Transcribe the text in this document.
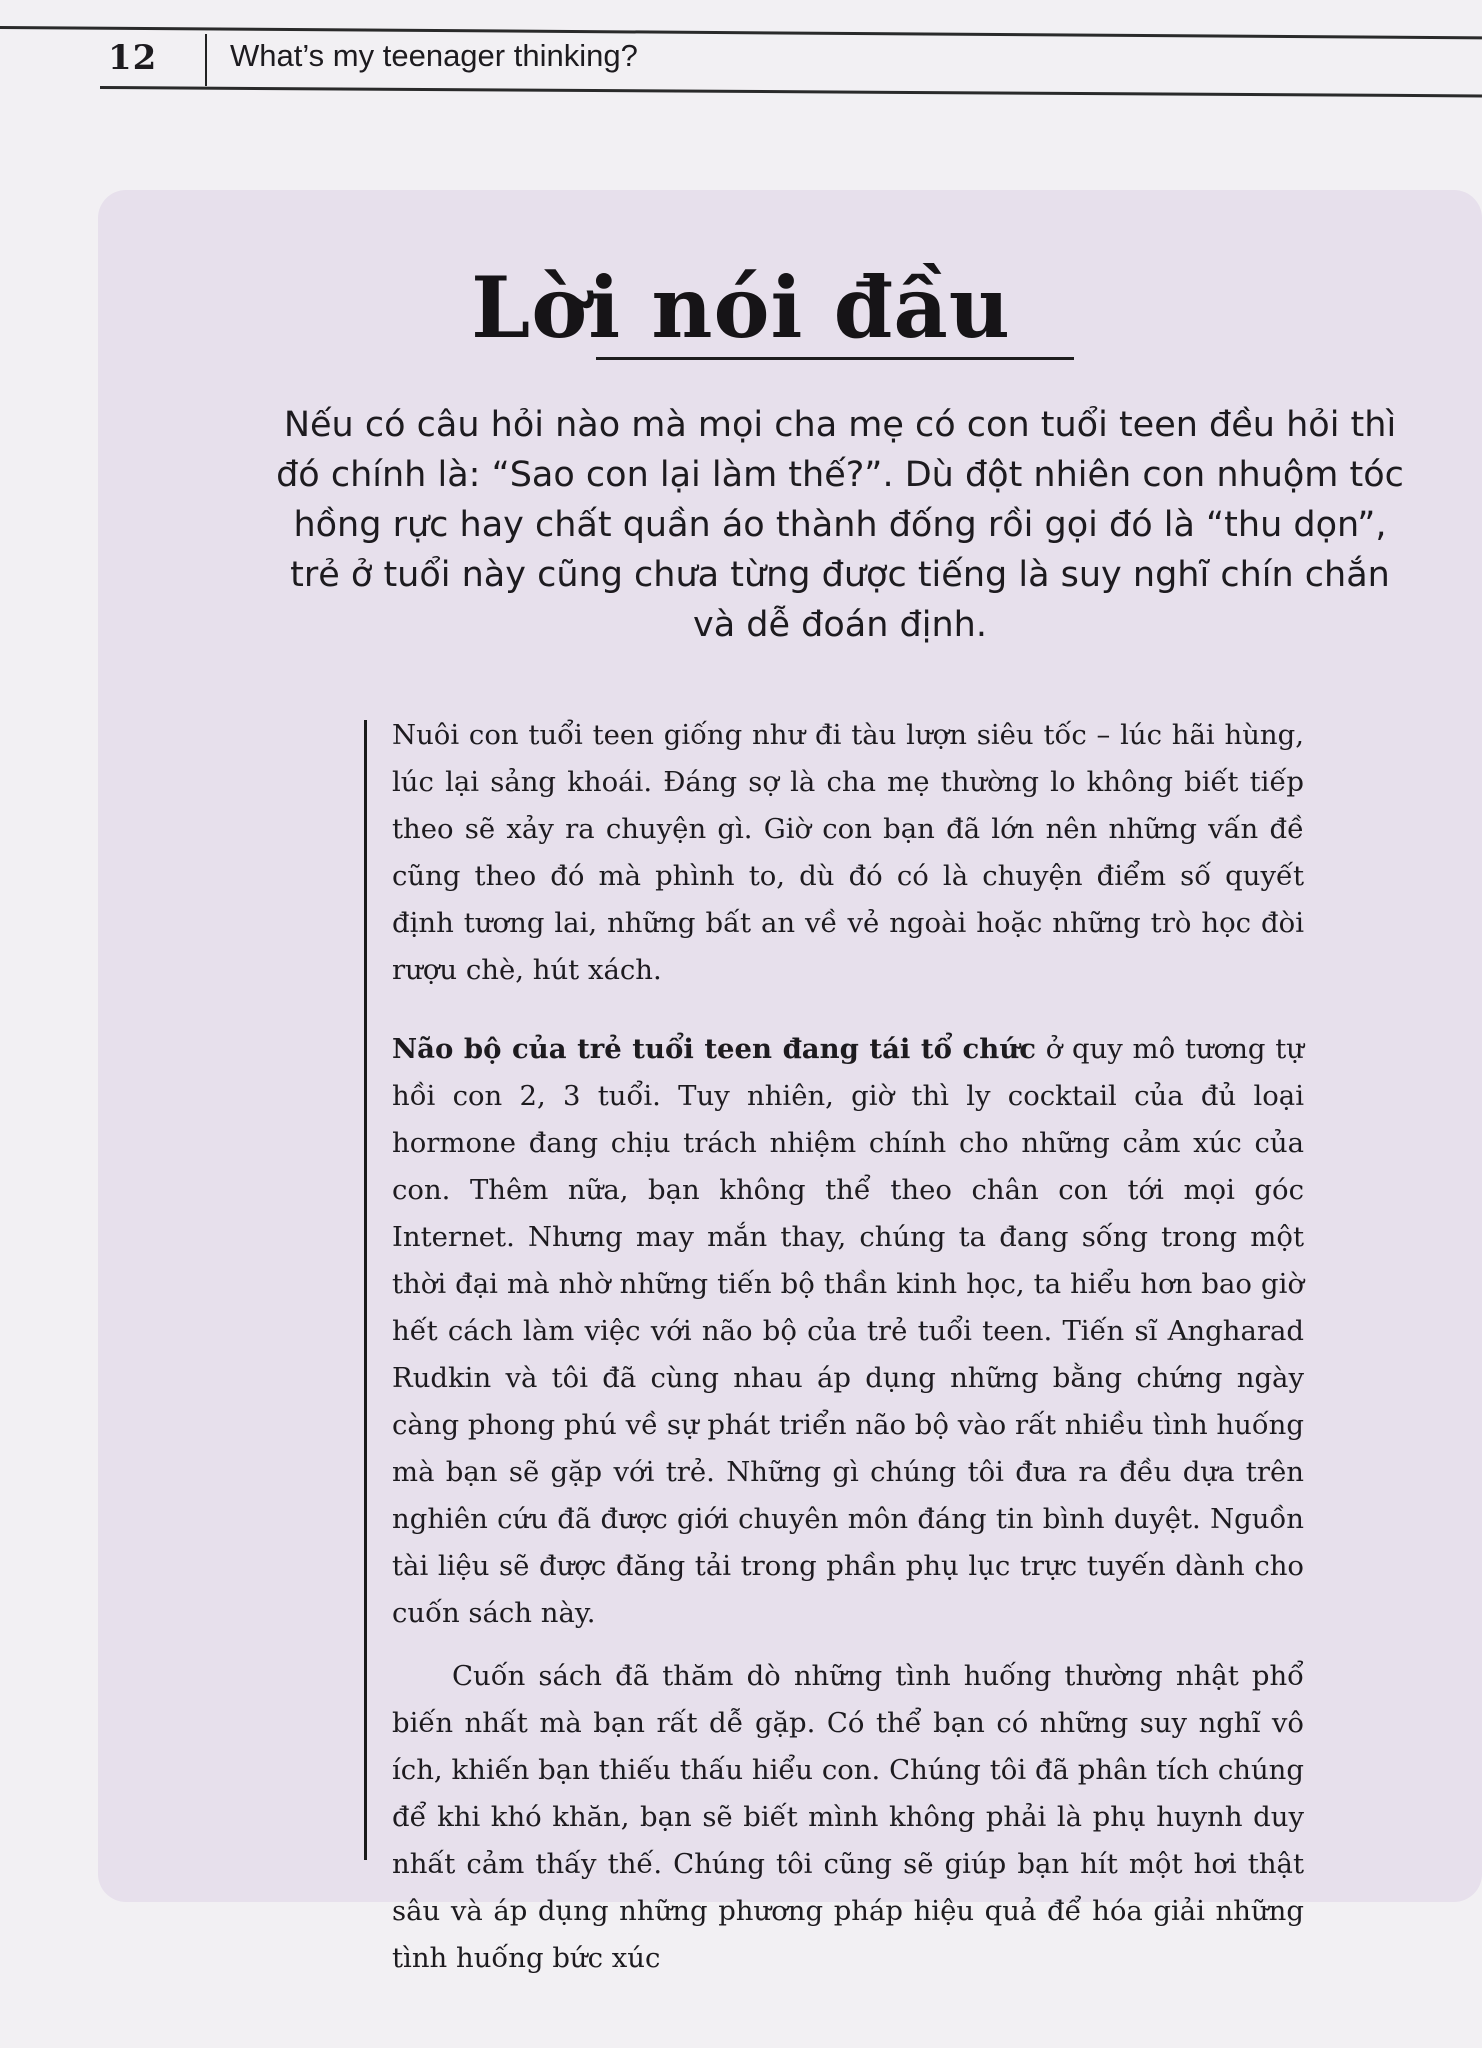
12 What’s my teenager thinking?
Lời nói đầu
Nếu có câu hỏi nào mà mọi cha mẹ có con tuổi teen đều hỏi thì đó chính là: “Sao con lại làm thế?”. Dù đột nhiên con nhuộm tóc hồng rực hay chất quần áo thành đống rồi gọi đó là “thu dọn”, trẻ ở tuổi này cũng chưa từng được tiếng là suy nghĩ chín chắn và dễ đoán định.

Nuôi con tuổi teen giống như đi tàu lượn siêu tốc – lúc hãi hùng, lúc lại sảng khoái. Đáng sợ là cha mẹ thường lo không biết tiếp theo sẽ xảy ra chuyện gì. Giờ con bạn đã lớn nên những vấn đề cũng theo đó mà phình to, dù đó có là chuyện điểm số quyết định tương lai, những bất an về vẻ ngoài hoặc những trò học đòi rượu chè, hút xách.

Não bộ của trẻ tuổi teen đang tái tổ chức ở quy mô tương tự hồi con 2, 3 tuổi. Tuy nhiên, giờ thì ly cocktail của đủ loại hormone đang chịu trách nhiệm chính cho những cảm xúc của con. Thêm nữa, bạn không thể theo chân con tới mọi góc Internet. Nhưng may mắn thay, chúng ta đang sống trong một thời đại mà nhờ những tiến bộ thần kinh học, ta hiểu hơn bao giờ hết cách làm việc với não bộ của trẻ tuổi teen. Tiến sĩ Angharad Rudkin và tôi đã cùng nhau áp dụng những bằng chứng ngày càng phong phú về sự phát triển não bộ vào rất nhiều tình huống mà bạn sẽ gặp với trẻ. Những gì chúng tôi đưa ra đều dựa trên nghiên cứu đã được giới chuyên môn đáng tin bình duyệt. Nguồn tài liệu sẽ được đăng tải trong phần phụ lục trực tuyến dành cho cuốn sách này.

Cuốn sách đã thăm dò những tình huống thường nhật phổ biến nhất mà bạn rất dễ gặp. Có thể bạn có những suy nghĩ vô ích, khiến bạn thiếu thấu hiểu con. Chúng tôi đã phân tích chúng để khi khó khăn, bạn sẽ biết mình không phải là phụ huynh duy nhất cảm thấy thế. Chúng tôi cũng sẽ giúp bạn hít một hơi thật sâu và áp dụng những phương pháp hiệu quả để hóa giải những tình huống bức xúc
